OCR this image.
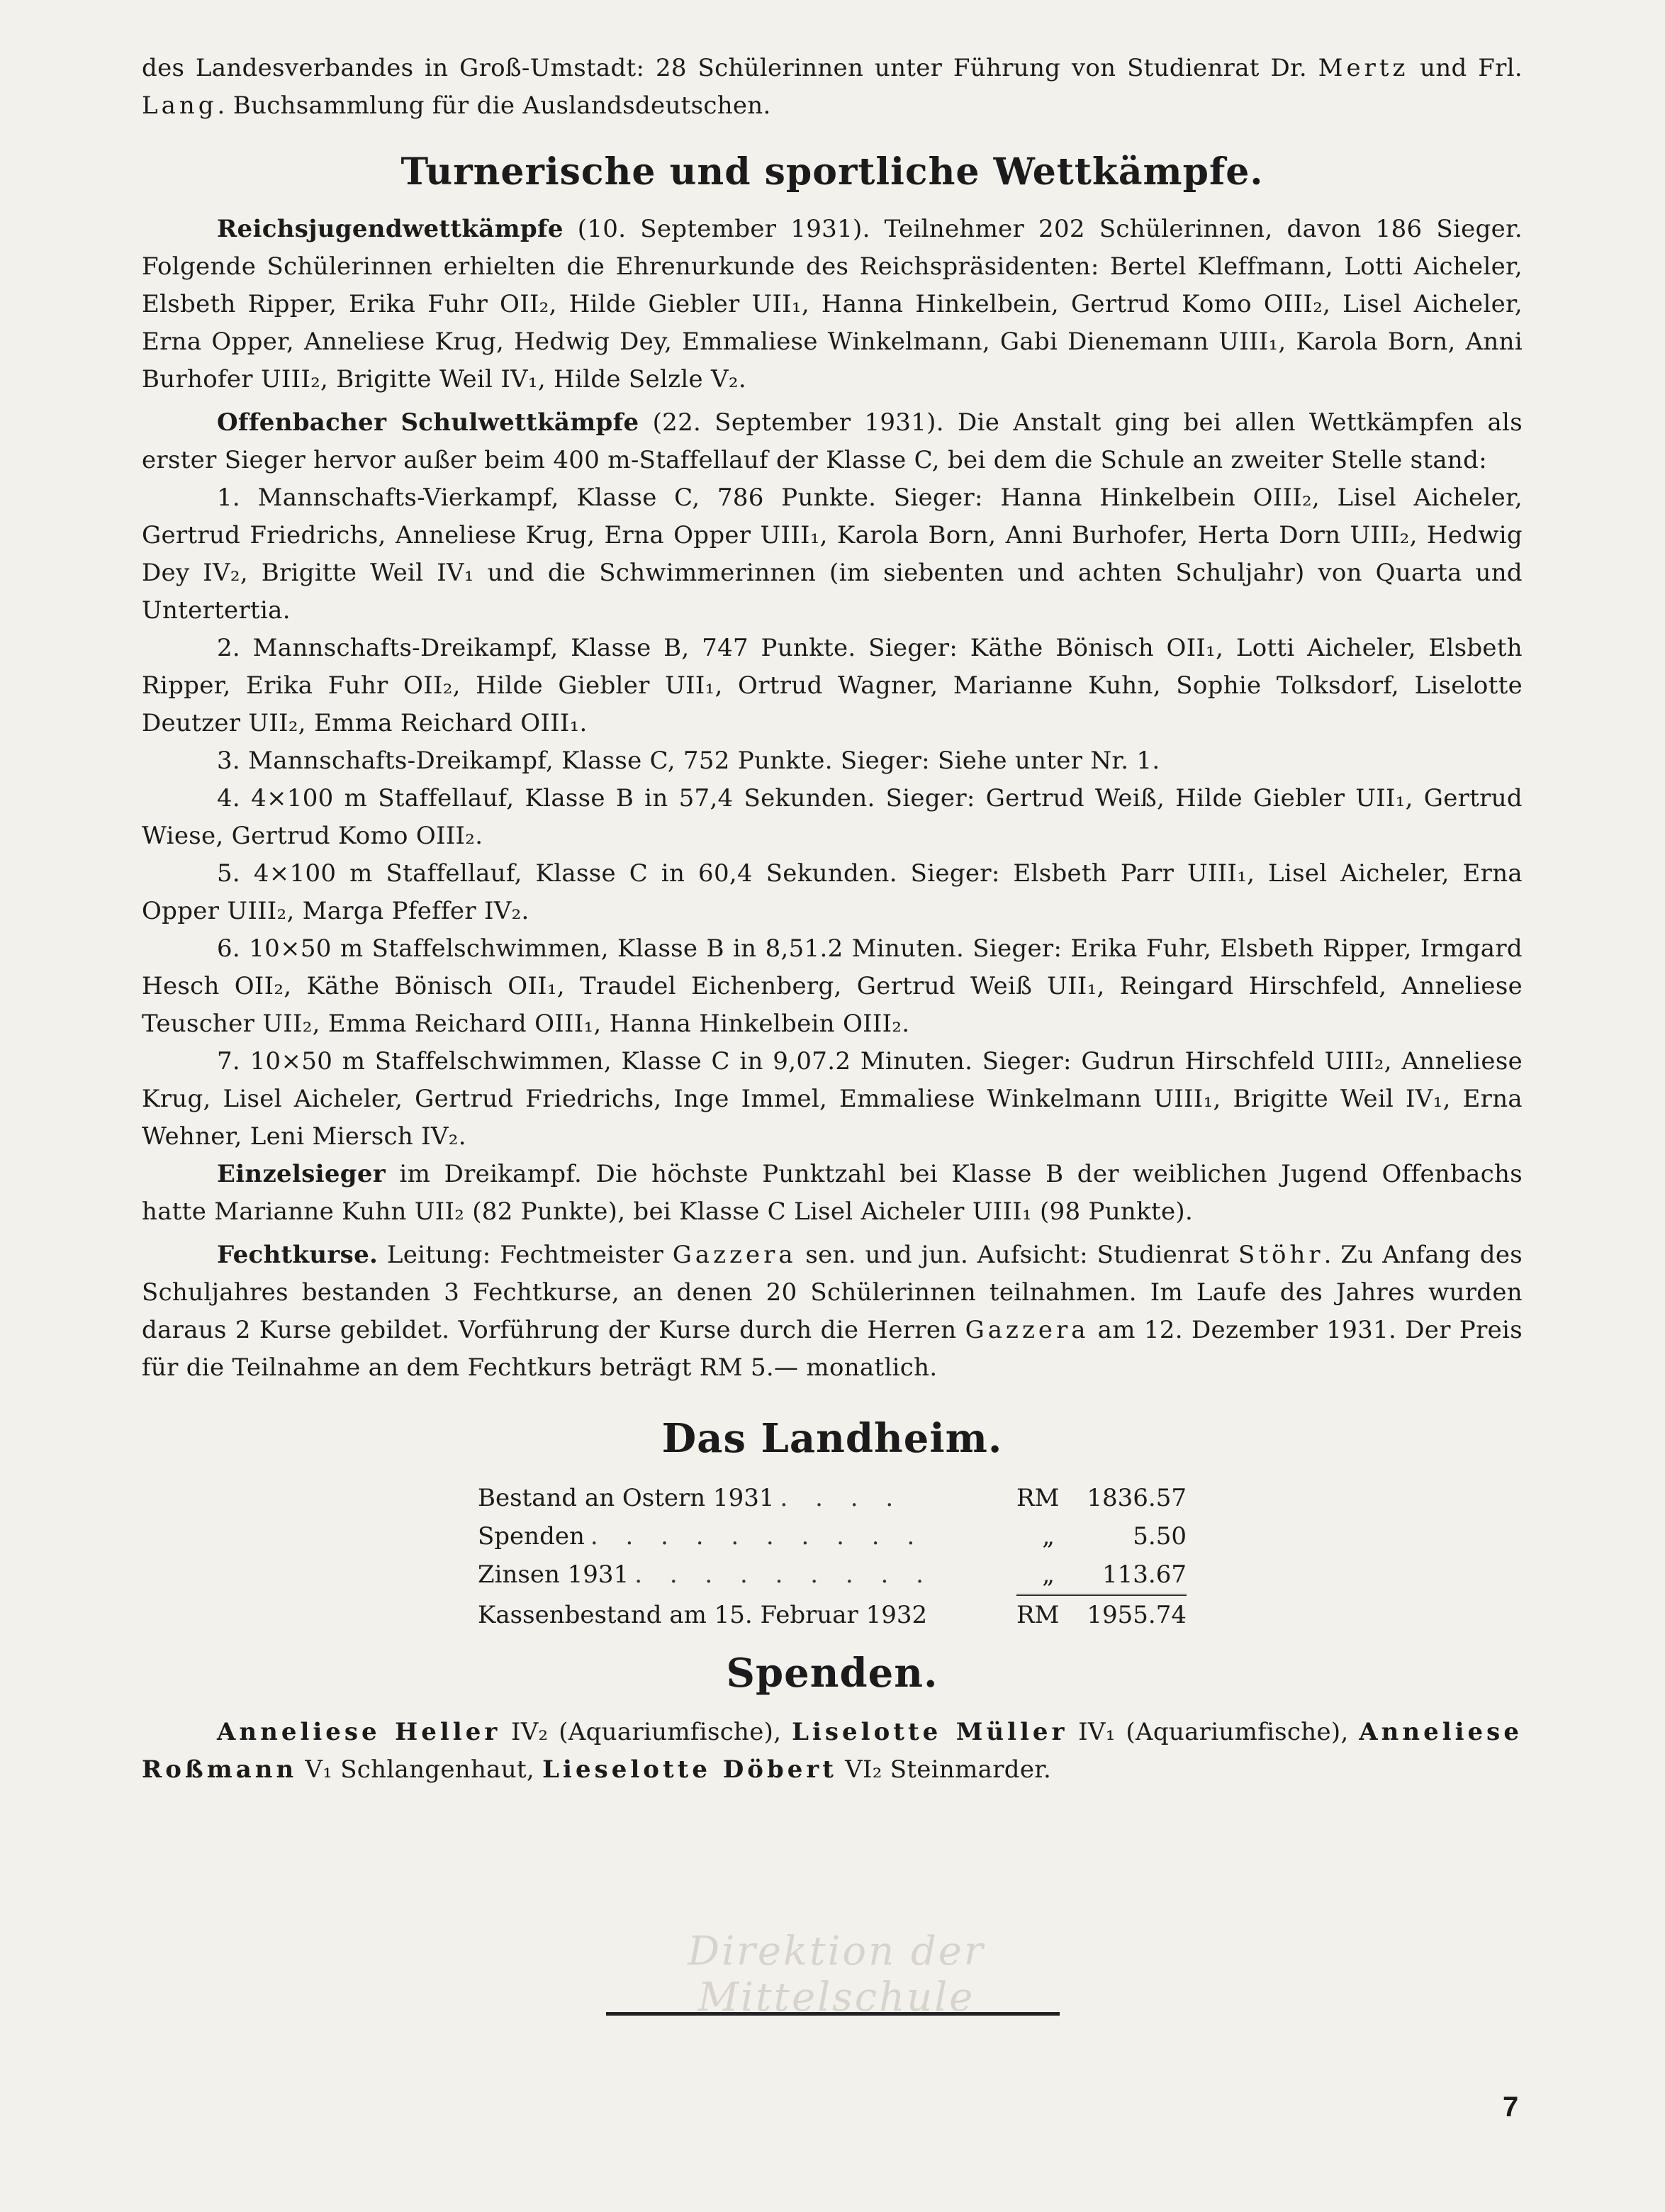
des Landesverbandes in Groß-Umstadt: 28 Schülerinnen unter Führung von Studienrat Dr. Mertz und Frl. Lang. Buchsammlung für die Auslandsdeutschen.

Turnerische und sportliche Wettkämpfe.

Reichsjugendwettkämpfe (10. September 1931). Teilnehmer 202 Schülerinnen, davon 186 Sieger. Folgende Schülerinnen erhielten die Ehrenurkunde des Reichspräsidenten: Bertel Kleffmann, Lotti Aicheler, Elsbeth Ripper, Erika Fuhr OII₂, Hilde Giebler UII₁, Hanna Hinkelbein, Gertrud Komo OIII₂, Lisel Aicheler, Erna Opper, Anneliese Krug, Hedwig Dey, Emmaliese Winkelmann, Gabi Dienemann UIII₁, Karola Born, Anni Burhofer UIII₂, Brigitte Weil IV₁, Hilde Selzle V₂.

Offenbacher Schulwettkämpfe (22. September 1931). Die Anstalt ging bei allen Wettkämpfen als erster Sieger hervor außer beim 400 m-Staffellauf der Klasse C, bei dem die Schule an zweiter Stelle stand:

1. Mannschafts-Vierkampf, Klasse C, 786 Punkte. Sieger: Hanna Hinkelbein OIII₂, Lisel Aicheler, Gertrud Friedrichs, Anneliese Krug, Erna Opper UIII₁, Karola Born, Anni Burhofer, Herta Dorn UIII₂, Hedwig Dey IV₂, Brigitte Weil IV₁ und die Schwimmerinnen (im siebenten und achten Schuljahr) von Quarta und Untertertia.

2. Mannschafts-Dreikampf, Klasse B, 747 Punkte. Sieger: Käthe Bönisch OII₁, Lotti Aicheler, Elsbeth Ripper, Erika Fuhr OII₂, Hilde Giebler UII₁, Ortrud Wagner, Marianne Kuhn, Sophie Tolksdorf, Liselotte Deutzer UII₂, Emma Reichard OIII₁.

3. Mannschafts-Dreikampf, Klasse C, 752 Punkte. Sieger: Siehe unter Nr. 1.

4. 4×100 m Staffellauf, Klasse B in 57,4 Sekunden. Sieger: Gertrud Weiß, Hilde Giebler UII₁, Gertrud Wiese, Gertrud Komo OIII₂.

5. 4×100 m Staffellauf, Klasse C in 60,4 Sekunden. Sieger: Elsbeth Parr UIII₁, Lisel Aicheler, Erna Opper UIII₂, Marga Pfeffer IV₂.

6. 10×50 m Staffelschwimmen, Klasse B in 8,51.2 Minuten. Sieger: Erika Fuhr, Elsbeth Ripper, Irmgard Hesch OII₂, Käthe Bönisch OII₁, Traudel Eichenberg, Gertrud Weiß UII₁, Reingard Hirschfeld, Anneliese Teuscher UII₂, Emma Reichard OIII₁, Hanna Hinkelbein OIII₂.

7. 10×50 m Staffelschwimmen, Klasse C in 9,07.2 Minuten. Sieger: Gudrun Hirschfeld UIII₂, Anneliese Krug, Lisel Aicheler, Gertrud Friedrichs, Inge Immel, Emmaliese Winkelmann UIII₁, Brigitte Weil IV₁, Erna Wehner, Leni Miersch IV₂.

Einzelsieger im Dreikampf. Die höchste Punktzahl bei Klasse B der weiblichen Jugend Offenbachs hatte Marianne Kuhn UII₂ (82 Punkte), bei Klasse C Lisel Aicheler UIII₁ (98 Punkte).

Fechtkurse. Leitung: Fechtmeister Gazzera sen. und jun. Aufsicht: Studienrat Stöhr. Zu Anfang des Schuljahres bestanden 3 Fechtkurse, an denen 20 Schülerinnen teilnahmen. Im Laufe des Jahres wurden daraus 2 Kurse gebildet. Vorführung der Kurse durch die Herren Gazzera am 12. Dezember 1931. Der Preis für die Teilnahme an dem Fechtkurs beträgt RM 5.— monatlich.

Das Landheim.
Bestand an Ostern 1931 . . . .	RM	1836.57
Spenden . . . . . . . . . .	„	5.50
Zinsen 1931 . . . . . . . . .	„	113.67
Kassenbestand am 15. Februar 1932	RM	1955.74
Spenden.

Anneliese Heller IV₂ (Aquariumfische), Liselotte Müller IV₁ (Aquariumfische), Anneliese Roßmann V₁ Schlangenhaut, Lieselotte Döbert VI₂ Steinmarder.

Direktion der Mittelschule
7
